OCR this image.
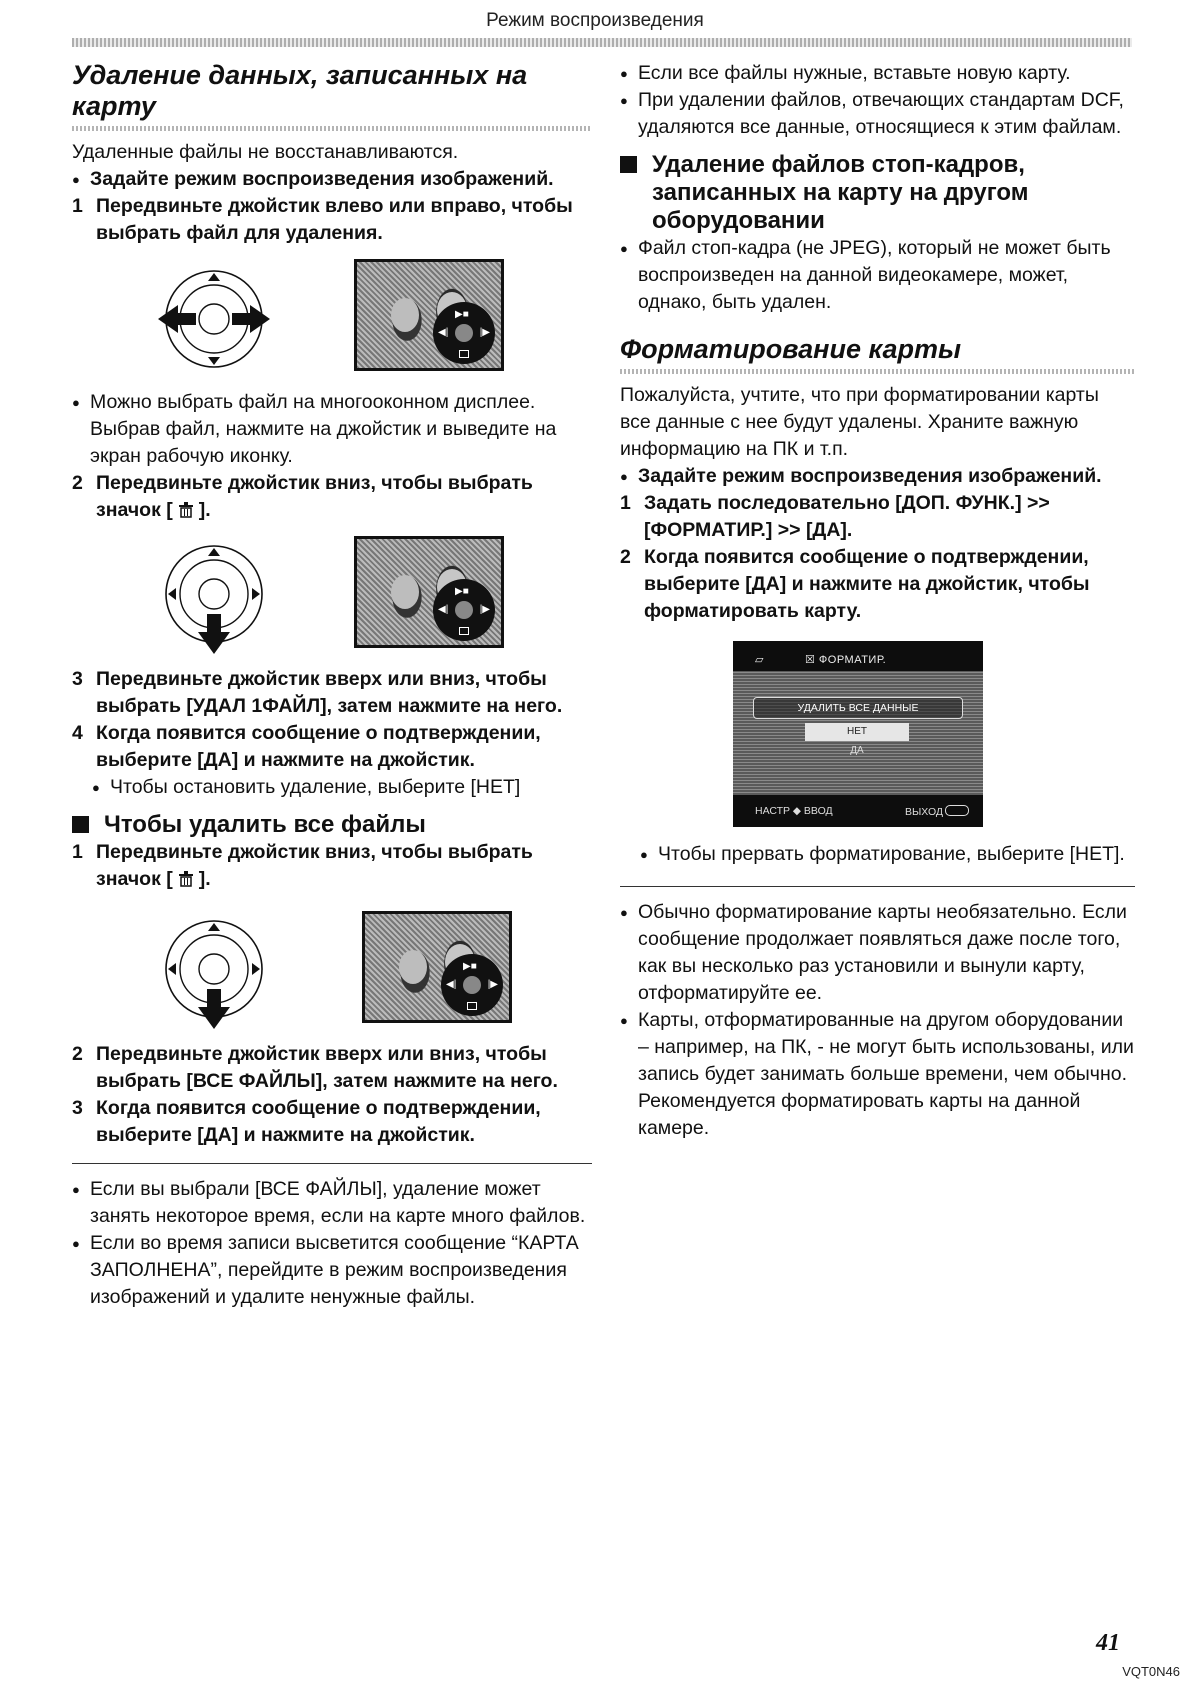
Режим воспроизведения
Удаление данных, записанных на карту
Удаленные файлы не восстанавливаются.
● Задайте режим воспроизведения изображений.
1 Передвиньте джойстик влево или вправо, чтобы выбрать файл для удаления.
▶■
◀|	|▶
● Можно выбрать файл на многооконном дисплее. Выбрав файл, нажмите на джойстик и выведите на экран рабочую иконку.
2 Передвиньте джойстик вниз, чтобы выбрать значок [ ].
▶■
◀|	|▶
3 Передвиньте джойстик вверх или вниз, чтобы выбрать [УДАЛ 1ФАЙЛ], затем нажмите на него.
4 Когда появится сообщение о подтверждении, выберите [ДА] и нажмите на джойстик.
● Чтобы остановить удаление, выберите [НЕТ]
Чтобы удалить все файлы
1 Передвиньте джойстик вниз, чтобы выбрать значок [ ].
▶■
◀|	|▶
2 Передвиньте джойстик вверх или вниз, чтобы выбрать [ВСЕ ФАЙЛЫ], затем нажмите на него.
3 Когда появится сообщение о подтверждении, выберите [ДА] и нажмите на джойстик.
● Если вы выбрали [ВСЕ ФАЙЛЫ], удаление может занять некоторое время, если на карте много файлов.
● Если во время записи высветится сообщение “КАРТА ЗАПОЛНЕНА”, перейдите в режим воспроизведения изображений и удалите ненужные файлы.
● Если все файлы нужные, вставьте новую карту.
● При удалении файлов, отвечающих стандартам DCF, удаляются все данные, относящиеся к этим файлам.
Удаление файлов стоп-кадров, записанных на карту на другом оборудовании
● Файл стоп-кадра (не JPEG), который не может быть воспроизведен на данной видеокамере, может, однако, быть удален.
Форматирование карты
Пожалуйста, учтите, что при форматировании карты все данные с нее будут удалены. Храните важную информацию на ПК и т.п.
● Задайте режим воспроизведения изображений.
1 Задать последовательно [ДОП. ФУНК.] >> [ФОРМАТИР.] >> [ДА].
2 Когда появится сообщение о подтверждении, выберите [ДА] и нажмите на джойстик, чтобы форматировать карту.
▱	☒ ФОРМАТИР.
УДАЛИТЬ ВСЕ ДАННЫЕ
НЕТ
ДА
НАСТР ◆ ВВОД	ВЫХОД
● Чтобы прервать форматирование, выберите [НЕТ].
● Обычно форматирование карты необязательно. Если сообщение продолжает появляться даже после того, как вы несколько раз установили и вынули карту, отформатируйте ее.
● Карты, отформатированные на другом оборудовании – например, на ПК, - не могут быть использованы, или запись будет занимать больше времени, чем обычно. Рекомендуется форматировать карты на данной камере.
41
VQT0N46
